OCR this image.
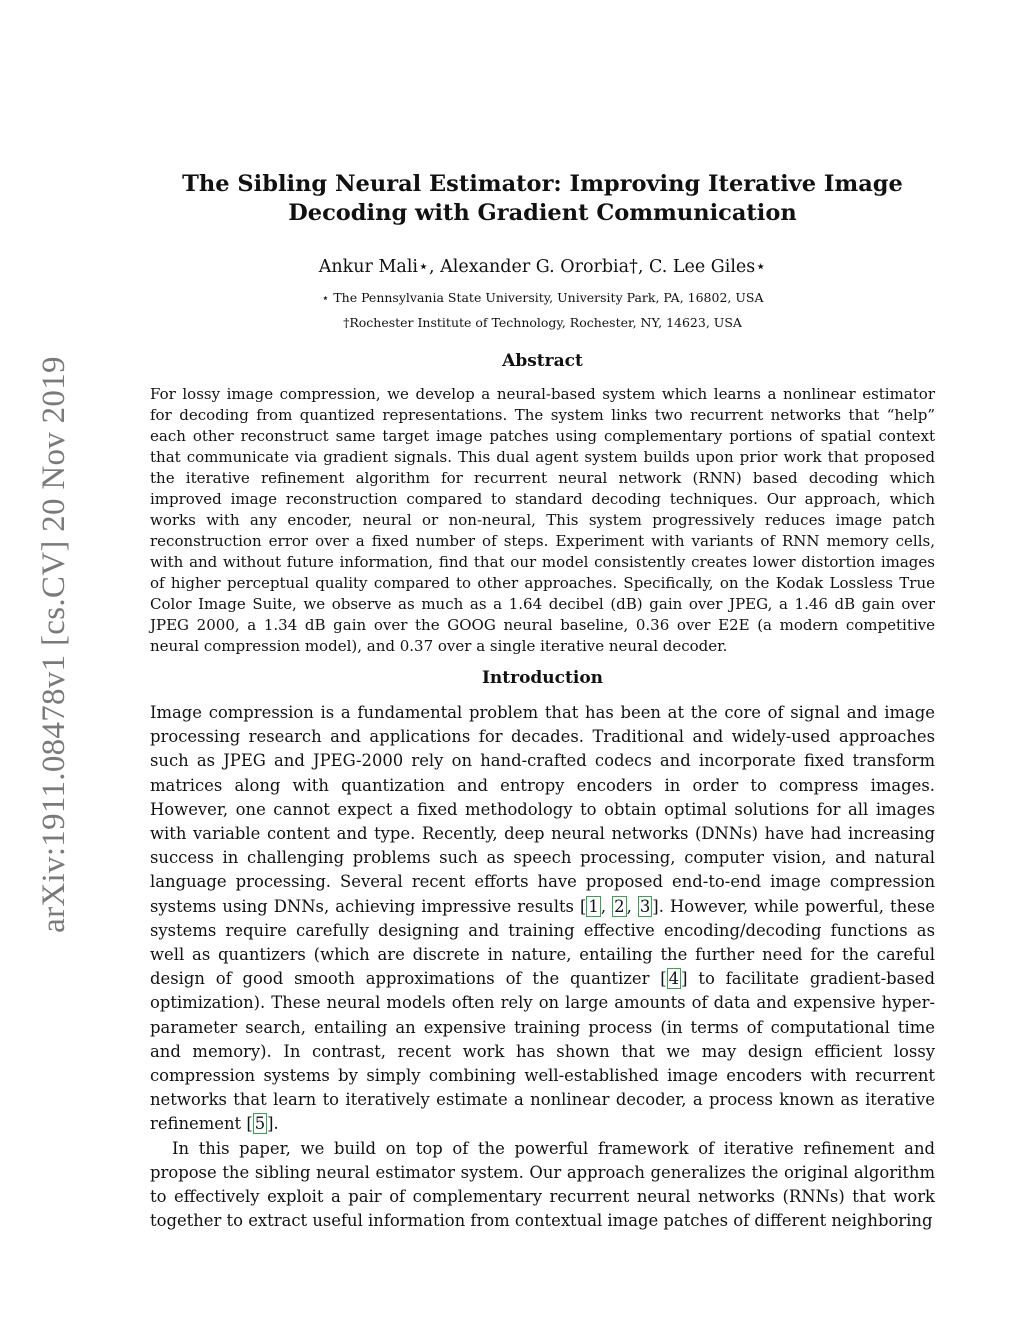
arXiv:1911.08478v1 [cs.CV] 20 Nov 2019
The Sibling Neural Estimator: Improving Iterative Image
Decoding with Gradient Communication
Ankur Mali⋆, Alexander G. Ororbia†, C. Lee Giles⋆
⋆ The Pennsylvania State University, University Park, PA, 16802, USA
†Rochester Institute of Technology, Rochester, NY, 14623, USA
Abstract
For lossy image compression, we develop a neural-based system which learns a nonlinear estimator for decoding from quantized representations. The system links two recurrent networks that “help” each other reconstruct same target image patches using complementary portions of spatial context that communicate via gradient signals. This dual agent system builds upon prior work that proposed the iterative refinement algorithm for recurrent neural network (RNN) based decoding which improved image reconstruction compared to standard decoding techniques. Our approach, which works with any encoder, neural or non-neural, This system progressively reduces image patch reconstruction error over a fixed number of steps. Experiment with variants of RNN memory cells, with and without future information, find that our model consistently creates lower distortion images of higher perceptual quality compared to other approaches. Specifically, on the Kodak Lossless True Color Image Suite, we observe as much as a 1.64 decibel (dB) gain over JPEG, a 1.46 dB gain over JPEG 2000, a 1.34 dB gain over the GOOG neural baseline, 0.36 over E2E (a modern competitive neural compression model), and 0.37 over a single iterative neural decoder.
Introduction

Image compression is a fundamental problem that has been at the core of signal and image processing research and applications for decades. Traditional and widely-used approaches such as JPEG and JPEG-2000 rely on hand-crafted codecs and incorporate fixed transform matrices along with quantization and entropy encoders in order to compress images. However, one cannot expect a fixed methodology to obtain optimal solutions for all images with variable content and type. Recently, deep neural networks (DNNs) have had increasing success in challenging problems such as speech processing, computer vision, and natural language processing. Several recent efforts have proposed end-to-end image compression systems using DNNs, achieving impressive results [ 1 , 2 , 3 ]. However, while powerful, these systems require carefully designing and training effective encoding/decoding functions as well as quantizers (which are discrete in nature, entailing the further need for the careful design of good smooth approximations of the quantizer [ 4 ] to facilitate gradient-based optimization). These neural models often rely on large amounts of data and expensive hyper-parameter search, entailing an expensive training process (in terms of computational time and memory). In contrast, recent work has shown that we may design efficient lossy compression systems by simply combining well-established image encoders with recurrent networks that learn to iteratively estimate a nonlinear decoder, a process known as iterative refinement [ 5 ].

In this paper, we build on top of the powerful framework of iterative refinement and propose the sibling neural estimator system. Our approach generalizes the original algorithm to effectively exploit a pair of complementary recurrent neural networks (RNNs) that work together to extract useful information from contextual image patches of different neighboring
